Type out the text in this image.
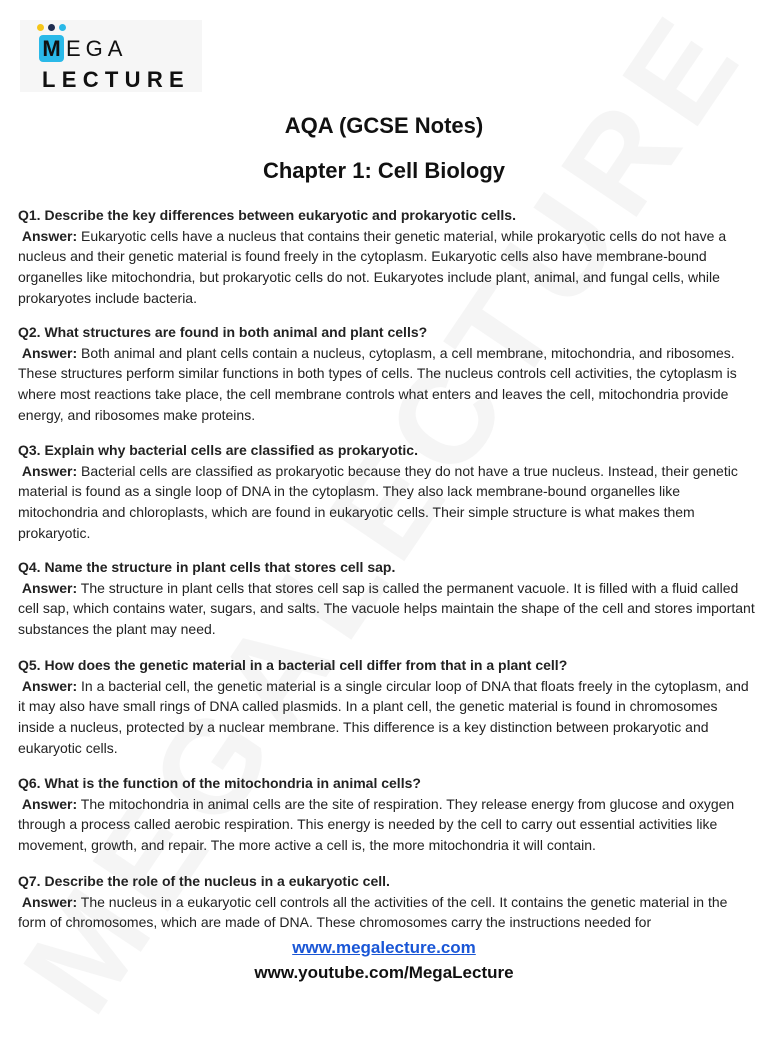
M EGA
LECTURE
AQA (GCSE Notes)
Chapter 1: Cell Biology
Q1. Describe the key differences between eukaryotic and prokaryotic cells.
Answer: Eukaryotic cells have a nucleus that contains their genetic material, while prokaryotic cells do not have a nucleus and their genetic material is found freely in the cytoplasm. Eukaryotic cells also have membrane-bound organelles like mitochondria, but prokaryotic cells do not. Eukaryotes include plant, animal, and fungal cells, while prokaryotes include bacteria.
Q2. What structures are found in both animal and plant cells?
Answer: Both animal and plant cells contain a nucleus, cytoplasm, a cell membrane, mitochondria, and ribosomes. These structures perform similar functions in both types of cells. The nucleus controls cell activities, the cytoplasm is where most reactions take place, the cell membrane controls what enters and leaves the cell, mitochondria provide energy, and ribosomes make proteins.
Q3. Explain why bacterial cells are classified as prokaryotic.
Answer: Bacterial cells are classified as prokaryotic because they do not have a true nucleus. Instead, their genetic material is found as a single loop of DNA in the cytoplasm. They also lack membrane-bound organelles like mitochondria and chloroplasts, which are found in eukaryotic cells. Their simple structure is what makes them prokaryotic.
Q4. Name the structure in plant cells that stores cell sap.
Answer: The structure in plant cells that stores cell sap is called the permanent vacuole. It is filled with a fluid called cell sap, which contains water, sugars, and salts. The vacuole helps maintain the shape of the cell and stores important substances the plant may need.
Q5. How does the genetic material in a bacterial cell differ from that in a plant cell?
Answer: In a bacterial cell, the genetic material is a single circular loop of DNA that floats freely in the cytoplasm, and it may also have small rings of DNA called plasmids. In a plant cell, the genetic material is found in chromosomes inside a nucleus, protected by a nuclear membrane. This difference is a key distinction between prokaryotic and eukaryotic cells.
Q6. What is the function of the mitochondria in animal cells?
Answer: The mitochondria in animal cells are the site of respiration. They release energy from glucose and oxygen through a process called aerobic respiration. This energy is needed by the cell to carry out essential activities like movement, growth, and repair. The more active a cell is, the more mitochondria it will contain.
Q7. Describe the role of the nucleus in a eukaryotic cell.
Answer: The nucleus in a eukaryotic cell controls all the activities of the cell. It contains the genetic material in the form of chromosomes, which are made of DNA. These chromosomes carry the instructions needed for
www.megalecture.com
www.youtube.com/MegaLecture
